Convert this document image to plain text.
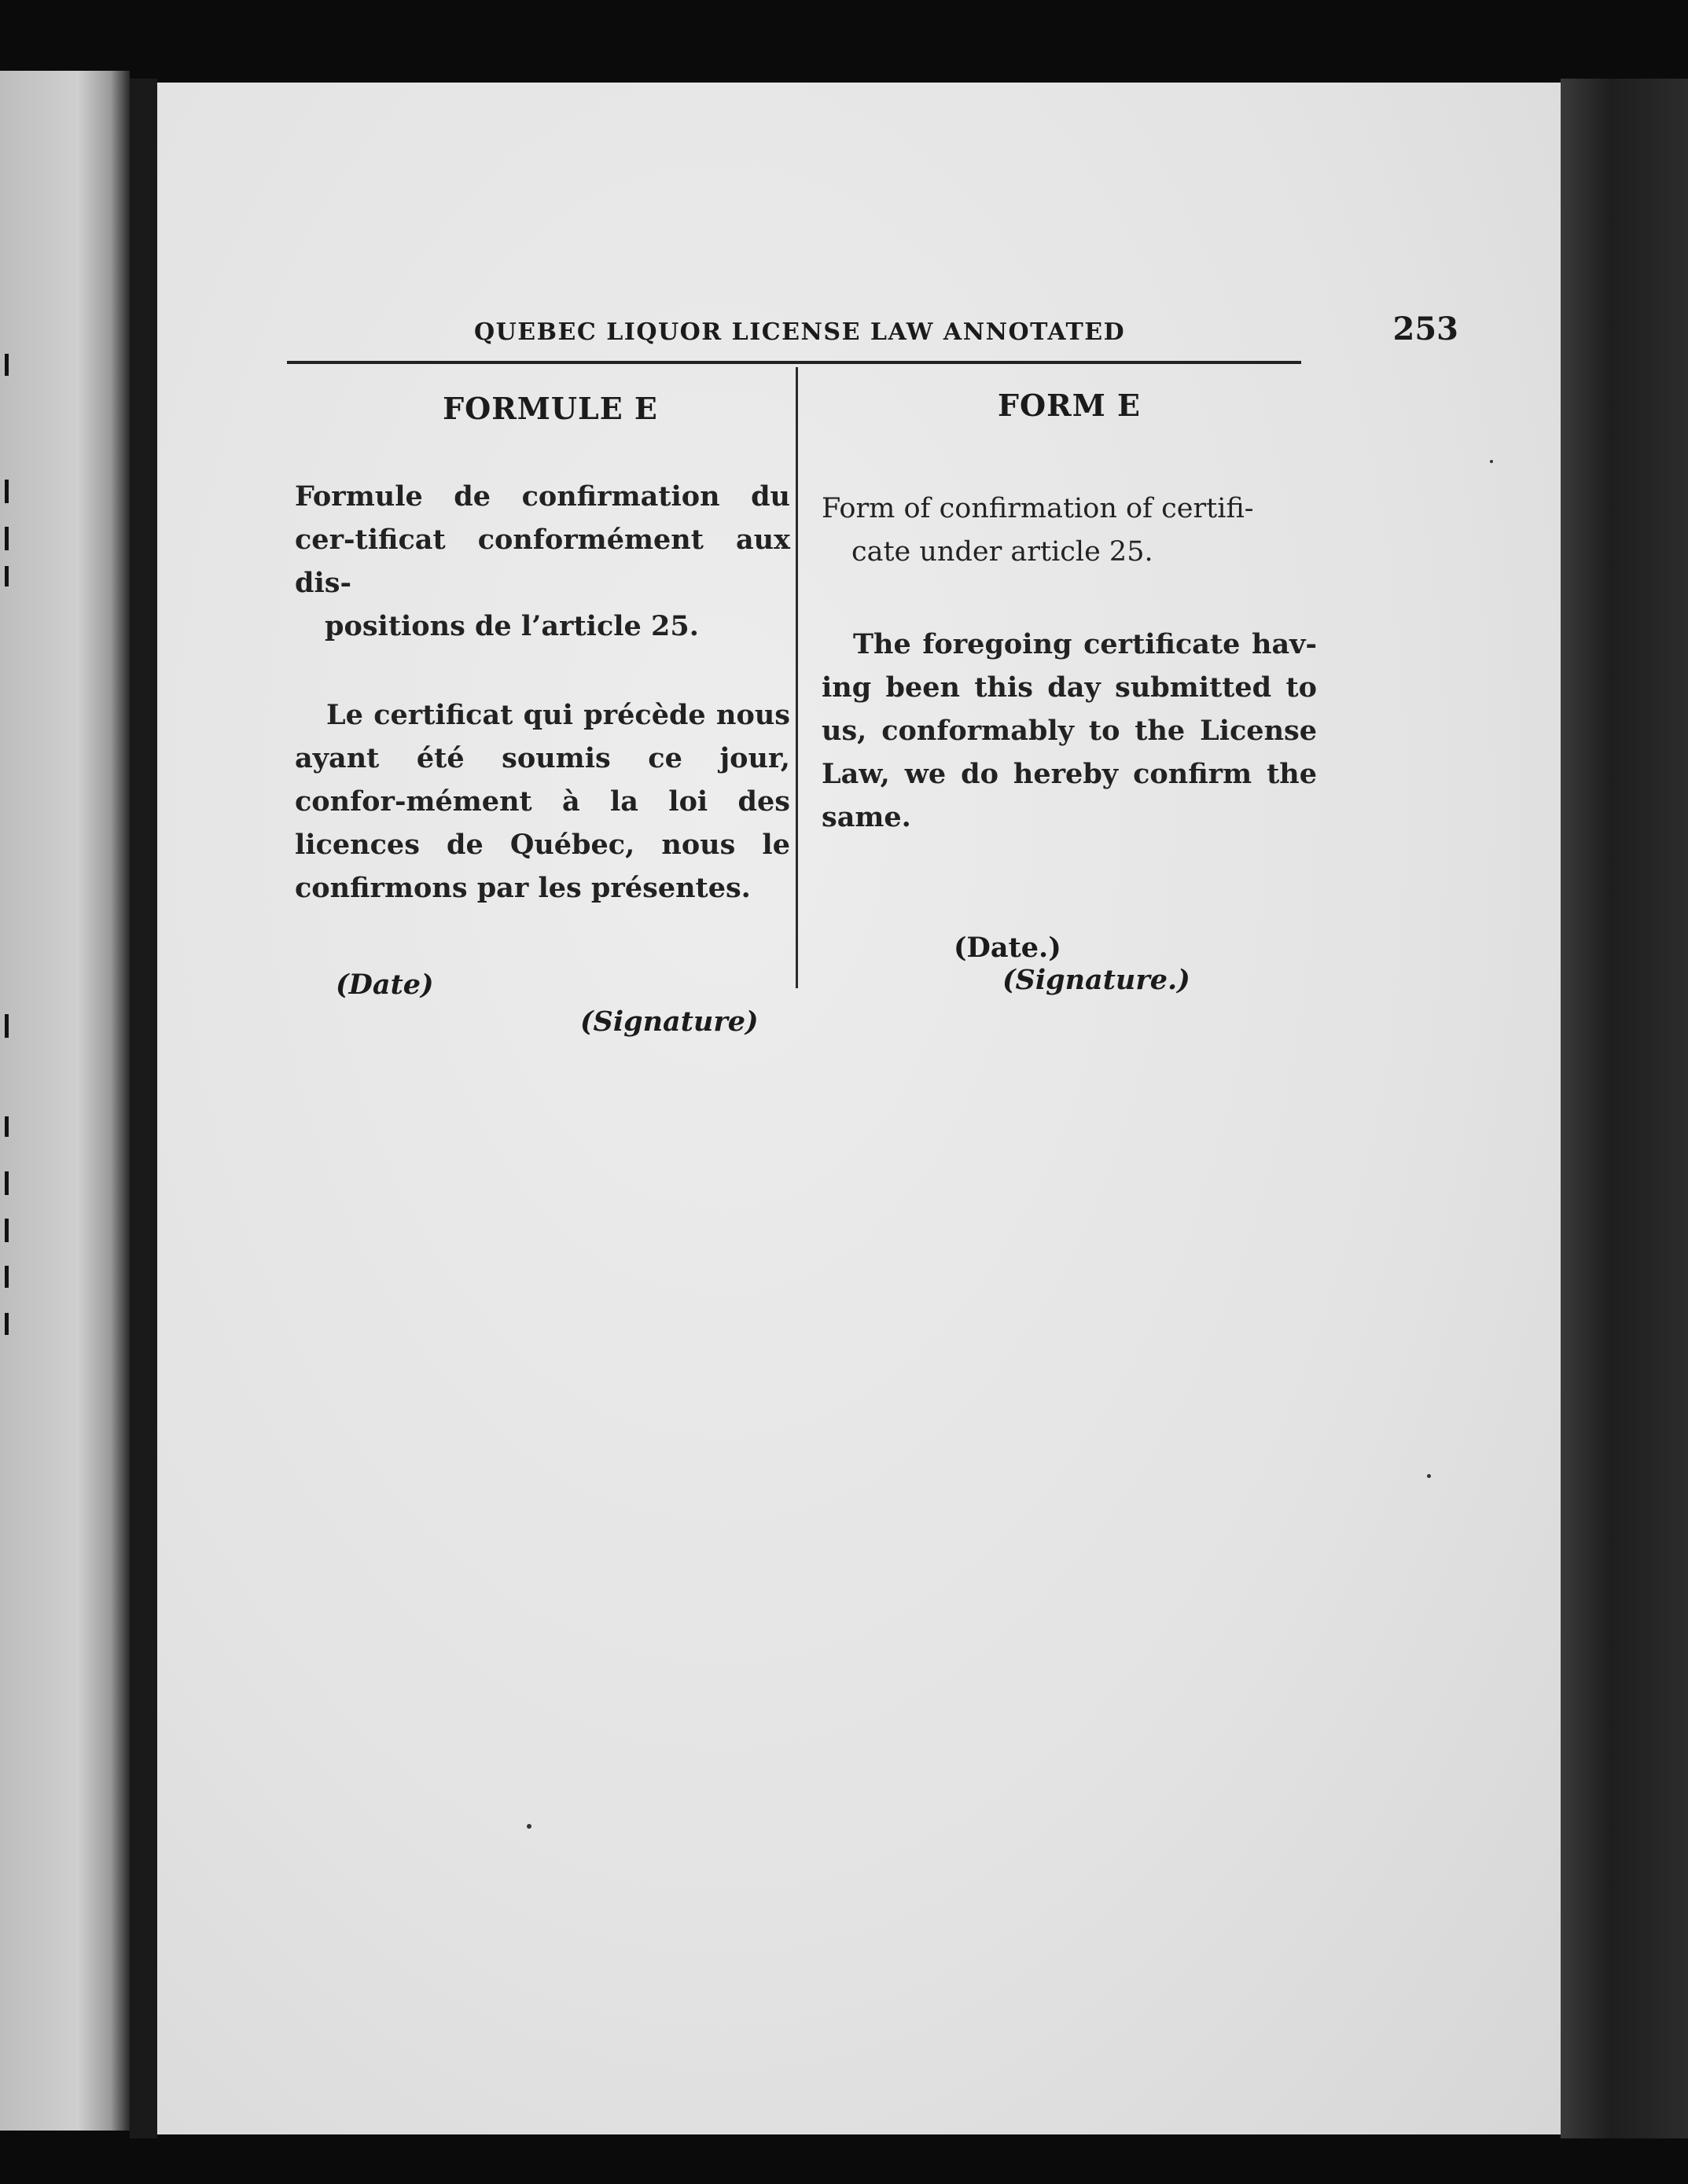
QUEBEC LIQUOR LICENSE LAW ANNOTATED	253
FORMULE E
Formule de confirmation du cer-tificat conformément aux dis-
positions de l’article 25.
Le certificat qui précède nous ayant été soumis ce jour, confor-mément à la loi des licences de Québec, nous le confirmons par les présentes.
(Date)
(Signature)
FORM E
Form of confirmation of certifi-
cate under article 25.
The foregoing certificate hav-ing been this day submitted to us, conformably to the License Law, we do hereby confirm the same.
(Date.)
(Signature.)
